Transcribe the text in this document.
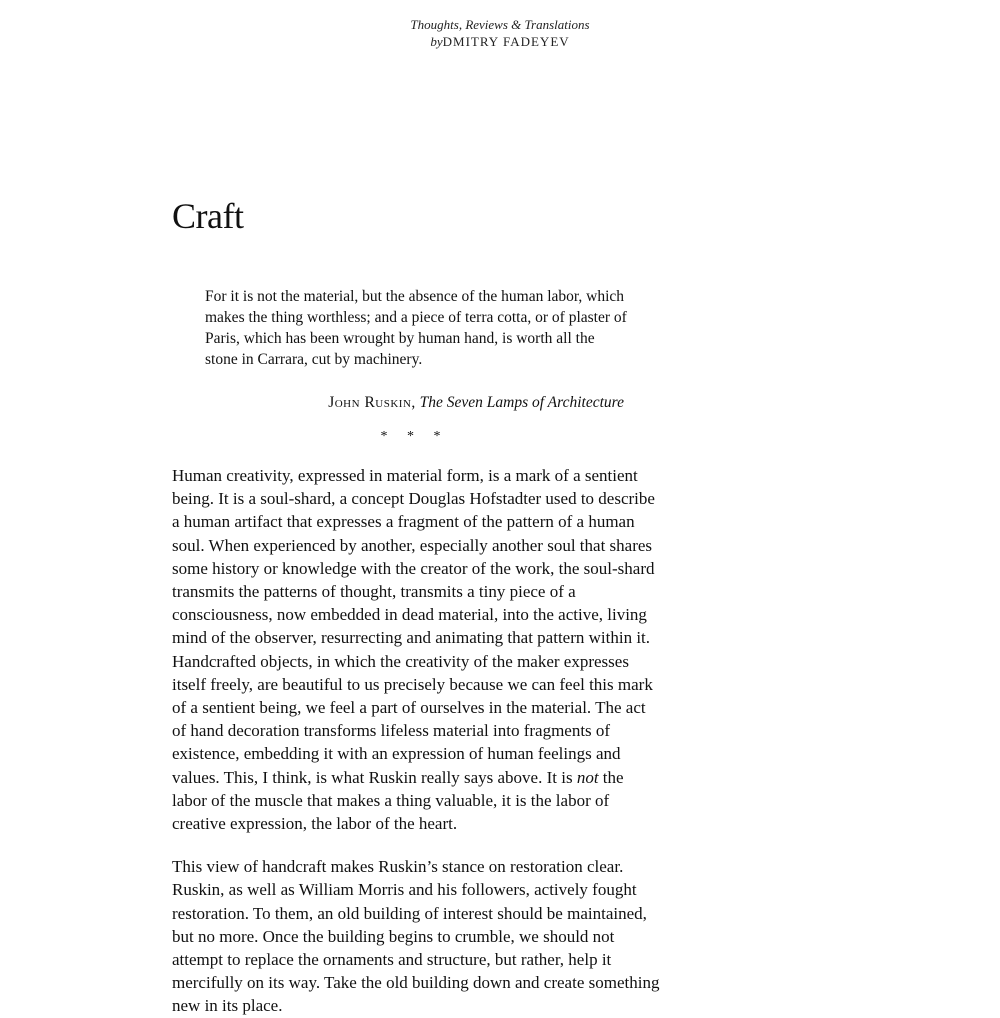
Thoughts, Reviews & Translations
byDMITRY FADEYEV
Craft
For it is not the material, but the absence of the human labor, which makes the thing worthless; and a piece of terra cotta, or of plaster of Paris, which has been wrought by human hand, is worth all the stone in Carrara, cut by machinery.
John Ruskin, The Seven Lamps of Architecture
* * *

Human creativity, expressed in material form, is a mark of a sentient being. It is a soul-shard, a concept Douglas Hofstadter used to describe a human artifact that expresses a fragment of the pattern of a human soul. When experienced by another, especially another soul that shares some history or knowledge with the creator of the work, the soul-shard transmits the patterns of thought, transmits a tiny piece of a consciousness, now embedded in dead material, into the active, living mind of the observer, resurrecting and animating that pattern within it. Handcrafted objects, in which the creativity of the maker expresses itself freely, are beautiful to us precisely because we can feel this mark of a sentient being, we feel a part of ourselves in the material. The act of hand decoration transforms lifeless material into fragments of existence, embedding it with an expression of human feelings and values. This, I think, is what Ruskin really says above. It is not the labor of the muscle that makes a thing valuable, it is the labor of creative expression, the labor of the heart.

This view of handcraft makes Ruskin’s stance on restoration clear. Ruskin, as well as William Morris and his followers, actively fought restoration. To them, an old building of interest should be maintained, but no more. Once the building begins to crumble, we should not attempt to replace the ornaments and structure, but rather, help it mercifully on its way. Take the old building down and create something new in its place.
